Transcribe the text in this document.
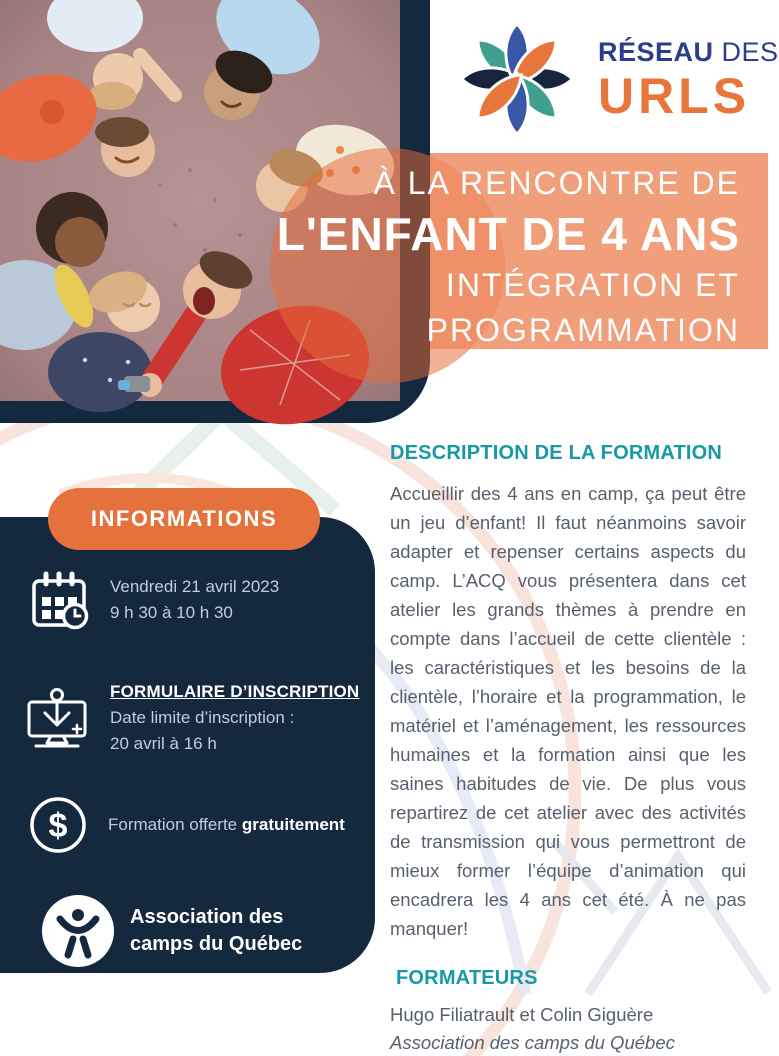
RÉSEAU DES
URLS
À LA RENCONTRE DE
L'ENFANT DE 4 ANS
INTÉGRATION ET
PROGRAMMATION
Vendredi 21 avril 2023
9 h 30 à 10 h 30
FORMULAIRE D’INSCRIPTION
Date limite d’inscription :
20 avril à 16 h
$ Formation offerte gratuitement
Association des
camps du Québec
INFORMATIONS
DESCRIPTION DE LA FORMATION

Accueillir des 4 ans en camp, ça peut être un jeu d’enfant! Il faut néanmoins savoir adapter et repenser certains aspects du camp. L’ACQ vous présentera dans cet atelier les grands thèmes à prendre en compte dans l’accueil de cette clientèle : les caractéristiques et les besoins de la clientèle, l’horaire et la programmation, le matériel et l’aménagement, les ressources humaines et la formation ainsi que les saines habitudes de vie. De plus vous repartirez de cet atelier avec des activités de transmission qui vous permettront de mieux former l’équipe d’animation qui encadrera les 4 ans cet été. À ne pas manquer!

FORMATEURS

Hugo Filiatrault et Colin Giguère

Association des camps du Québec
